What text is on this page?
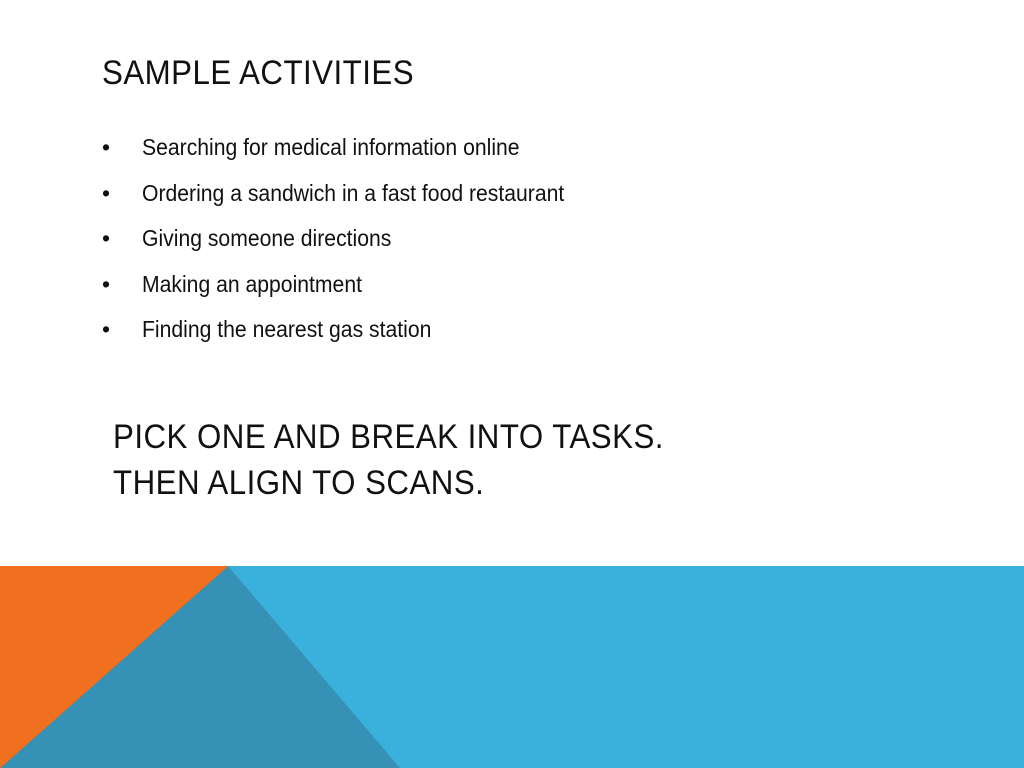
SAMPLE ACTIVITIES
•	Searching for medical information online
•	Ordering a sandwich in a fast food restaurant
•	Giving someone directions
•	Making an appointment
•	Finding the nearest gas station
PICK ONE AND BREAK INTO TASKS.
THEN ALIGN TO SCANS.
